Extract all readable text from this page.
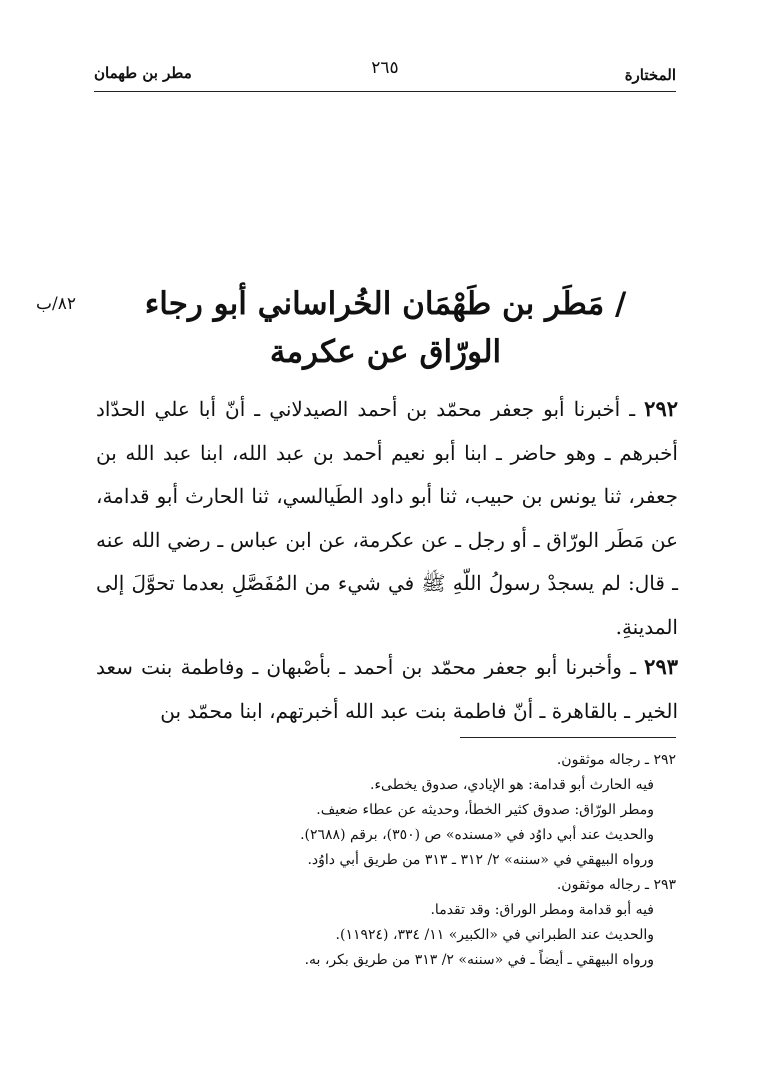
المختارة
٢٦٥
مطر بن طهمان
٨٢/ب	/ مَطَر بن طَهْمَان الخُراساني أبو رجاء الورّاق عن عكرمة
٢٩٢ ـ أخبرنا أبو جعفر محمّد بن أحمد الصيدلاني ـ أنّ أبا علي الحدّاد أخبرهم ـ وهو حاضر ـ ابنا أبو نعيم أحمد بن عبد الله، ابنا عبد الله بن جعفر، ثنا يونس بن حبيب، ثنا أبو داود الطَيالسي، ثنا الحارث أبو قدامة، عن مَطَر الورّاق ـ أو رجل ـ عن عكرمة، عن ابن عباس ـ رضي الله عنه ـ قال: لم يسجدْ رسولُ اللّهِ ﷺ في شيء من المُفَصَّلِ بعدما تحوَّلَ إلى المدينةِ.
٢٩٣ ـ وأخبرنا أبو جعفر محمّد بن أحمد ـ بأصْبهان ـ وفاطمة بنت سعد الخير ـ بالقاهرة ـ أنّ فاطمة بنت عبد الله أخبرتهم، ابنا محمّد بن
٢٩٢ ـ رجاله موثقون.
فيه الحارث أبو قدامة: هو الإيادي، صدوق يخطىء.
ومطر الورّاق: صدوق كثير الخطأ، وحديثه عن عطاء ضعيف.
والحديث عند أبي داوُد في «مسنده» ص (٣٥٠)، برقم (٢٦٨٨).
ورواه البيهقي في «سننه» ٢/ ٣١٢ ـ ٣١٣ من طريق أبي داوُد.
٢٩٣ ـ رجاله موثقون.
فيه أبو قدامة ومطر الوراق: وقد تقدما.
والحديث عند الطبراني في «الكبير» ١١/ ٣٣٤، (١١٩٢٤).
ورواه البيهقي ـ أيضاً ـ في «سننه» ٢/ ٣١٣ من طريق بكر، به.
